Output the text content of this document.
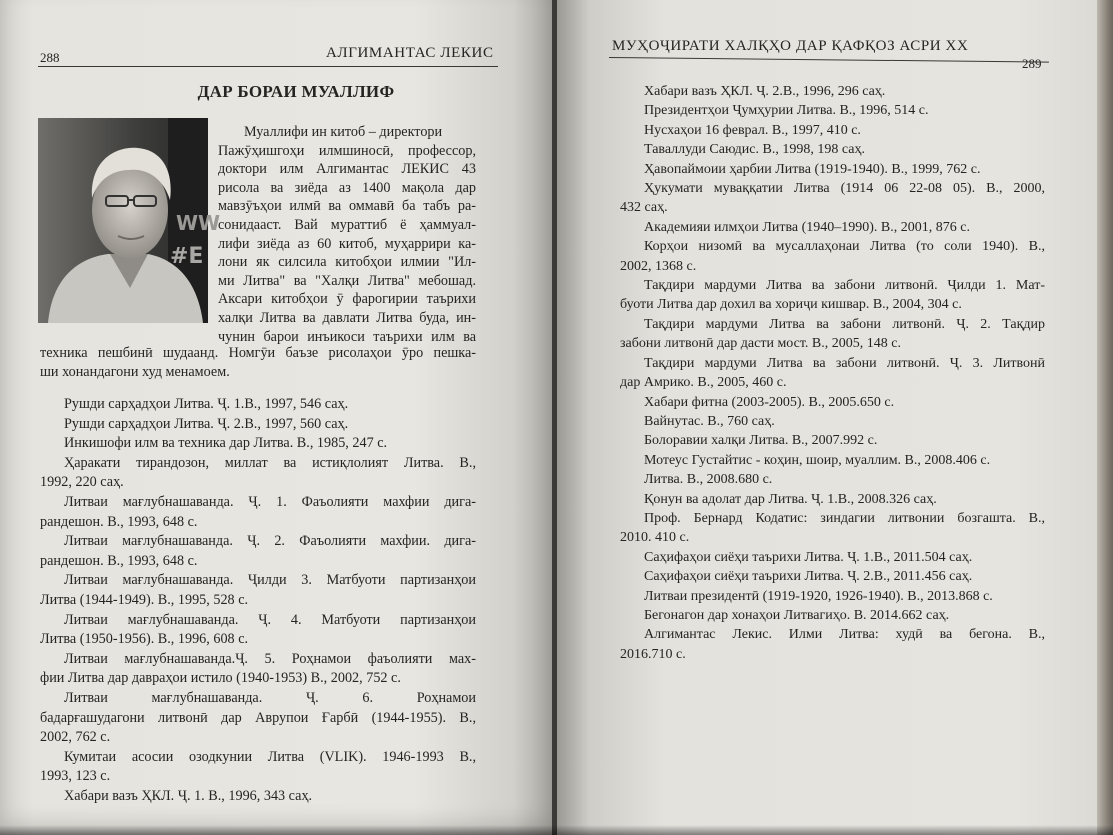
288	АЛГИМАНТАС ЛЕКИС
ДАР БОРАИ МУАЛЛИФ
WW
#E
Муаллифи ин китоб – директори
Пажӯҳишгоҳи илмшиносӣ, профессор,
доктори илм Алгимантас ЛЕКИС 43
рисола ва зиёда аз 1400 мақола дар
мавзӯъҳои илмӣ ва оммавӣ ба табъ ра-
сонидааст. Вай мураттиб ё ҳаммуал-
лифи зиёда аз 60 китоб, муҳаррири ка-
лони як силсила китобҳои илмии "Ил-
ми Литва" ва "Халқи Литва" мебошад.
Аксари китобҳои ӯ фарогирии таърихи
халқи Литва ва давлати Литва буда, ин-
чунин барои инъикоси таърихи илм ва
техника пешбинӣ шудаанд. Номгӯи баъзе рисолаҳои ӯро пешка-
ши хонандагони худ менамоем.
Рушди сарҳадҳои Литва. Ҷ. 1.В., 1997, 546 саҳ.
Рушди сарҳадҳои Литва. Ҷ. 2.В., 1997, 560 саҳ.
Инкишофи илм ва техника дар Литва. В., 1985, 247 с.
Ҳаракати тирандозон, миллат ва истиқлолият Литва. В.,
1992, 220 саҳ.
Литваи мағлубнашаванда. Ҷ. 1. Фаъолияти махфии дига-
рандешон. В., 1993, 648 с.
Литваи мағлубнашаванда. Ҷ. 2. Фаъолияти махфии. дига-
рандешон. В., 1993, 648 с.
Литваи мағлубнашаванда. Ҷилди 3. Матбуоти партизанҳои
Литва (1944-1949). В., 1995, 528 с.
Литваи мағлубнашаванда. Ҷ. 4. Матбуоти партизанҳои
Литва (1950-1956). В., 1996, 608 с.
Литваи мағлубнашаванда.Ҷ. 5. Роҳнамои фаъолияти мах-
фии Литва дар давраҳои истило (1940-1953) В., 2002, 752 с.
Литваи мағлубнашаванда. Ҷ. 6. Роҳнамои
бадарғашудагони литвонӣ дар Аврупои Ғарбӣ (1944-1955). В.,
2002, 762 с.
Кумитаи асосии озодкунии Литва (VLIK). 1946-1993 В.,
1993, 123 с.
Хабари вазъ ҲКЛ. Ҷ. 1. В., 1996, 343 саҳ.
МУҲОҶИРАТИ ХАЛҚҲО ДАР ҚАФҚОЗ АСРИ ХХ
289
Хабари вазъ ҲКЛ. Ҷ. 2.В., 1996, 296 саҳ.
Президентҳои Ҷумҳурии Литва. В., 1996, 514 с.
Нусхаҳои 16 феврал. В., 1997, 410 с.
Таваллуди Саюдис. В., 1998, 198 саҳ.
Ҳавопаймоии ҳарбии Литва (1919-1940). В., 1999, 762 с.
Ҳукумати муваққатии Литва (1914 06 22-08 05). В., 2000,
432 саҳ.
Академияи илмҳои Литва (1940–1990). В., 2001, 876 с.
Корҳои низомӣ ва мусаллаҳонаи Литва (то соли 1940). В.,
2002, 1368 с.
Тақдири мардуми Литва ва забони литвонӣ. Ҷилди 1. Мат-
буоти Литва дар дохил ва хориҷи кишвар. В., 2004, 304 с.
Тақдири мардуми Литва ва забони литвонӣ. Ҷ. 2. Тақдир
забони литвонӣ дар дасти мост. В., 2005, 148 с.
Тақдири мардуми Литва ва забони литвонӣ. Ҷ. 3. Литвонӣ
дар Амрико. В., 2005, 460 с.
Хабари фитна (2003-2005). В., 2005.650 с.
Вайнутас. В., 760 саҳ.
Болоравии халқи Литва. В., 2007.992 с.
Мотеус Густайтис - коҳин, шоир, муаллим. В., 2008.406 с.
Литва. В., 2008.680 с.
Қонун ва адолат дар Литва. Ҷ. 1.В., 2008.326 саҳ.
Проф. Бернард Кодатис: зиндагии литвонии бозгашта. В.,
2010. 410 с.
Саҳифаҳои сиёҳи таърихи Литва. Ҷ. 1.В., 2011.504 саҳ.
Саҳифаҳои сиёҳи таърихи Литва. Ҷ. 2.В., 2011.456 саҳ.
Литваи президентӣ (1919-1920, 1926-1940). В., 2013.868 с.
Бегонагон дар хонаҳои Литвагиҳо. В. 2014.662 саҳ.
Алгимантас Лекис. Илми Литва: худӣ ва бегона. В.,
2016.710 с.
